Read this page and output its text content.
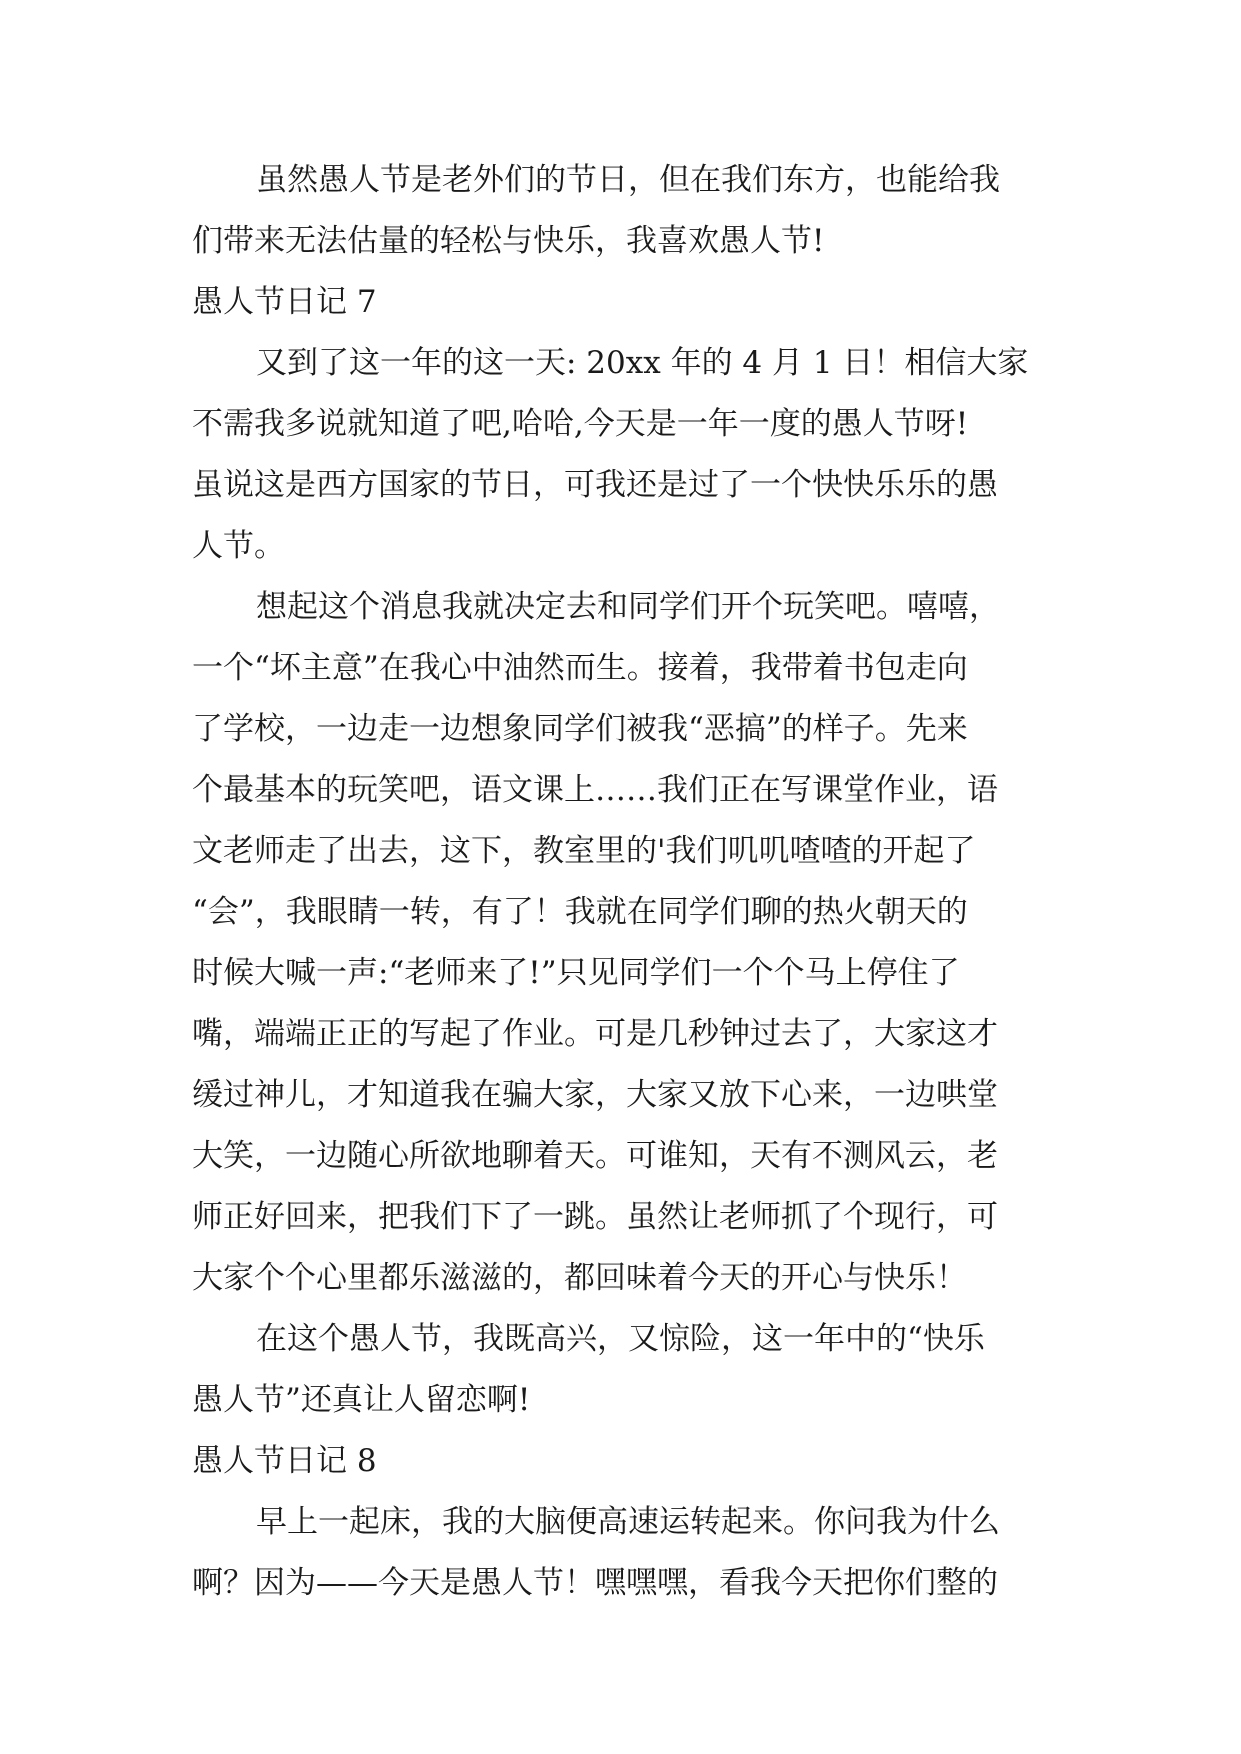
虽然愚人节是老外们的节日，但在我们东方，也能给我
们带来无法估量的轻松与快乐，我喜欢愚人节!
愚人节日记 7
又到了这一年的这一天: 20xx 年的 4 月 1 日！相信大家
不需我多说就知道了吧,哈哈,今天是一年一度的愚人节呀!
虽说这是西方国家的节日，可我还是过了一个快快乐乐的愚
人节。
想起这个消息我就决定去和同学们开个玩笑吧。嘻嘻，
一个“坏主意”在我心中油然而生。接着，我带着书包走向
了学校，一边走一边想象同学们被我“恶搞”的样子。先来
个最基本的玩笑吧，语文课上……我们正在写课堂作业，语
文老师走了出去，这下，教室里的'我们叽叽喳喳的开起了
“会”，我眼睛一转，有了！我就在同学们聊的热火朝天的
时候大喊一声:“老师来了!”只见同学们一个个马上停住了
嘴，端端正正的写起了作业。可是几秒钟过去了，大家这才
缓过神儿，才知道我在骗大家，大家又放下心来，一边哄堂
大笑，一边随心所欲地聊着天。可谁知，天有不测风云，老
师正好回来，把我们下了一跳。虽然让老师抓了个现行，可
大家个个心里都乐滋滋的，都回味着今天的开心与快乐！
在这个愚人节，我既高兴，又惊险，这一年中的“快乐
愚人节”还真让人留恋啊!
愚人节日记 8
早上一起床，我的大脑便高速运转起来。你问我为什么
啊？因为——今天是愚人节！嘿嘿嘿，看我今天把你们整的
